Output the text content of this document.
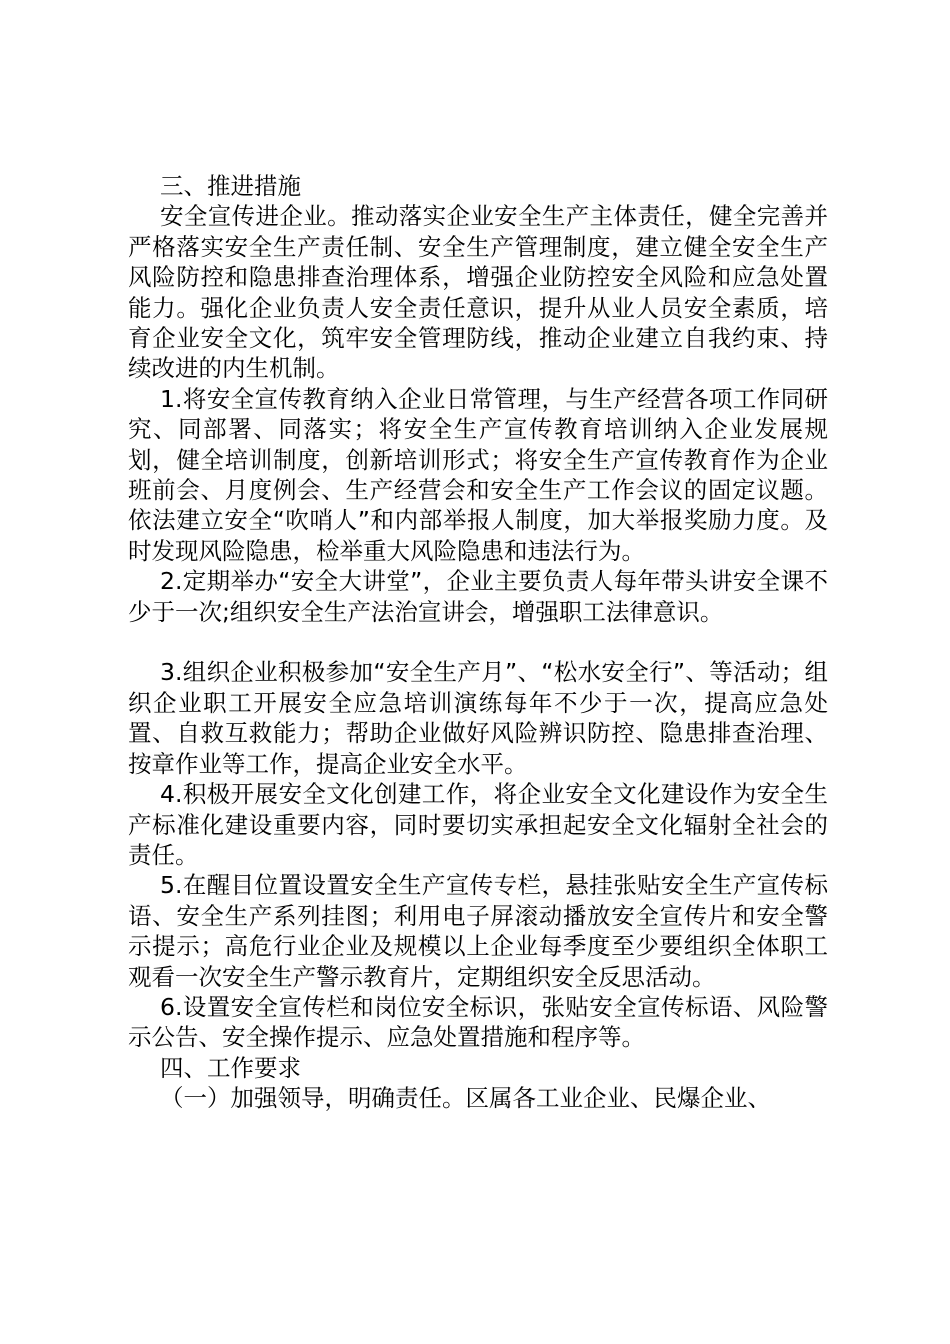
三、推进措施

安全宣传进企业。推动落实企业安全生产主体责任，健全完善并严格落实安全生产责任制、安全生产管理制度，建立健全安全生产风险防控和隐患排查治理体系，增强企业防控安全风险和应急处置能力。强化企业负责人安全责任意识，提升从业人员安全素质，培育企业安全文化，筑牢安全管理防线，推动企业建立自我约束、持续改进的内生机制。

1.将安全宣传教育纳入企业日常管理，与生产经营各项工作同研究、同部署、同落实；将安全生产宣传教育培训纳入企业发展规划，健全培训制度，创新培训形式；将安全生产宣传教育作为企业班前会、月度例会、生产经营会和安全生产工作会议的固定议题。依法建立安全“吹哨人”和内部举报人制度，加大举报奖励力度。及时发现风险隐患，检举重大风险隐患和违法行为。

2.定期举办“安全大讲堂”，企业主要负责人每年带头讲安全课不少于一次;组织安全生产法治宣讲会，增强职工法律意识。

3.组织企业积极参加“安全生产月”、“松水安全行”、等活动；组织企业职工开展安全应急培训演练每年不少于一次，提高应急处置、自救互救能力；帮助企业做好风险辨识防控、隐患排查治理、按章作业等工作，提高企业安全水平。

4.积极开展安全文化创建工作，将企业安全文化建设作为安全生产标准化建设重要内容，同时要切实承担起安全文化辐射全社会的责任。

5.在醒目位置设置安全生产宣传专栏，悬挂张贴安全生产宣传标语、安全生产系列挂图；利用电子屏滚动播放安全宣传片和安全警示提示；高危行业企业及规模以上企业每季度至少要组织全体职工观看一次安全生产警示教育片，定期组织安全反思活动。

6.设置安全宣传栏和岗位安全标识，张贴安全宣传标语、风险警示公告、安全操作提示、应急处置措施和程序等。

四、工作要求

（一）加强领导，明确责任。区属各工业企业、民爆企业、
